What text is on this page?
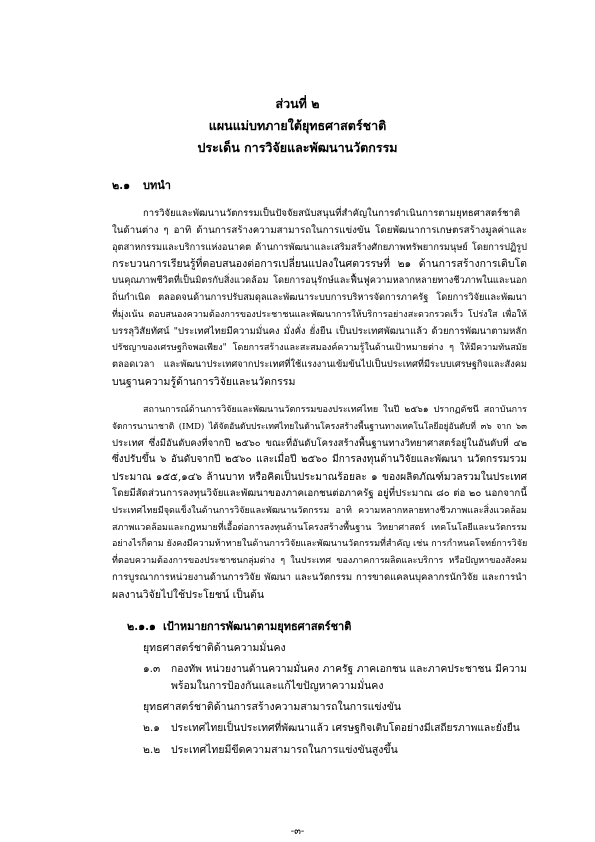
ส่วนที่ ๒
แผนแม่บทภายใต้ยุทธศาสตร์ชาติ
ประเด็น การวิจัยและพัฒนานวัตกรรม
๒.๑ บทนำ
การวิจัยและพัฒนานวัตกรรมเป็นปัจจัยสนับสนุนที่สำคัญในการดำเนินการตามยุทธศาสตร์ชาติ
ในด้านต่าง ๆ อาทิ ด้านการสร้างความสามารถในการแข่งขัน โดยพัฒนาการเกษตรสร้างมูลค่าและ
อุตสาหกรรมและบริการแห่งอนาคต ด้านการพัฒนาและเสริมสร้างศักยภาพทรัพยากรมนุษย์ โดยการปฏิรูป
กระบวนการเรียนรู้ที่ตอบสนองต่อการเปลี่ยนแปลงในศตวรรษที่ ๒๑ ด้านการสร้างการเติบโต
บนคุณภาพชีวิตที่เป็นมิตรกับสิ่งแวดล้อม โดยการอนุรักษ์และฟื้นฟูความหลากหลายทางชีวภาพในและนอก
ถิ่นกำเนิด ตลอดจนด้านการปรับสมดุลและพัฒนาระบบการบริหารจัดการภาครัฐ โดยการวิจัยและพัฒนา
ที่มุ่งเน้น ตอบสนองความต้องการของประชาชนและพัฒนาการให้บริการอย่างสะดวกรวดเร็ว โปร่งใส เพื่อให้
บรรลุวิสัยทัศน์ "ประเทศไทยมีความมั่นคง มั่งคั่ง ยั่งยืน เป็นประเทศพัฒนาแล้ว ด้วยการพัฒนาตามหลัก
ปรัชญาของเศรษฐกิจพอเพียง" โดยการสร้างและสะสมองค์ความรู้ในด้านเป้าหมายต่าง ๆ ให้มีความทันสมัย
ตลอดเวลา และพัฒนาประเทศจากประเทศที่ใช้แรงงานเข้มข้นไปเป็นประเทศที่มีระบบเศรษฐกิจและสังคม
บนฐานความรู้ด้านการวิจัยและนวัตกรรม
สถานการณ์ด้านการวิจัยและพัฒนานวัตกรรมของประเทศไทย ในปี ๒๕๖๑ ปรากฏดัชนี สถาบันการ
จัดการนานาชาติ (IMD) ได้จัดอันดับประเทศไทยในด้านโครงสร้างพื้นฐานทางเทคโนโลยีอยู่อันดับที่ ๓๖ จาก ๖๓
ประเทศ ซึ่งมีอันดับคงที่จากปี ๒๕๖๐ ขณะที่อันดับโครงสร้างพื้นฐานทางวิทยาศาสตร์อยู่ในอันดับที่ ๔๒
ซึ่งปรับขึ้น ๖ อันดับจากปี ๒๕๖๐ และเมื่อปี ๒๕๖๐ มีการลงทุนด้านวิจัยและพัฒนา นวัตกรรมรวม
ประมาณ ๑๕๕,๑๔๖ ล้านบาท หรือคิดเป็นประมาณร้อยละ ๑ ของผลิตภัณฑ์มวลรวมในประเทศ
โดยมีสัดส่วนการลงทุนวิจัยและพัฒนาของภาคเอกชนต่อภาครัฐ อยู่ที่ประมาณ ๘๐ ต่อ ๒๐ นอกจากนี้
ประเทศไทยมีจุดแข็งในด้านการวิจัยและพัฒนานวัตกรรม อาทิ ความหลากหลายทางชีวภาพและสิ่งแวดล้อม
สภาพแวดล้อมและกฎหมายที่เอื้อต่อการลงทุนด้านโครงสร้างพื้นฐาน วิทยาศาสตร์ เทคโนโลยีและนวัตกรรม
อย่างไรก็ตาม ยังคงมีความท้าทายในด้านการวิจัยและพัฒนานวัตกรรมที่สำคัญ เช่น การกำหนดโจทย์การวิจัย
ที่ตอบความต้องการของประชาชนกลุ่มต่าง ๆ ในประเทศ ของภาคการผลิตและบริการ หรือปัญหาของสังคม
การบูรณาการหน่วยงานด้านการวิจัย พัฒนา และนวัตกรรม การขาดแคลนบุคลากรนักวิจัย และการนำ
ผลงานวิจัยไปใช้ประโยชน์ เป็นต้น
๒.๑.๑ เป้าหมายการพัฒนาตามยุทธศาสตร์ชาติ
ยุทธศาสตร์ชาติด้านความมั่นคง
๑.๓	กองทัพ หน่วยงานด้านความมั่นคง ภาครัฐ ภาคเอกชน และภาคประชาชน มีความ
พร้อมในการป้องกันและแก้ไขปัญหาความมั่นคง
ยุทธศาสตร์ชาติด้านการสร้างความสามารถในการแข่งขัน
๒.๑	ประเทศไทยเป็นประเทศที่พัฒนาแล้ว เศรษฐกิจเติบโตอย่างมีเสถียรภาพและยั่งยืน
๒.๒	ประเทศไทยมีขีดความสามารถในการแข่งขันสูงขึ้น
-๓-
